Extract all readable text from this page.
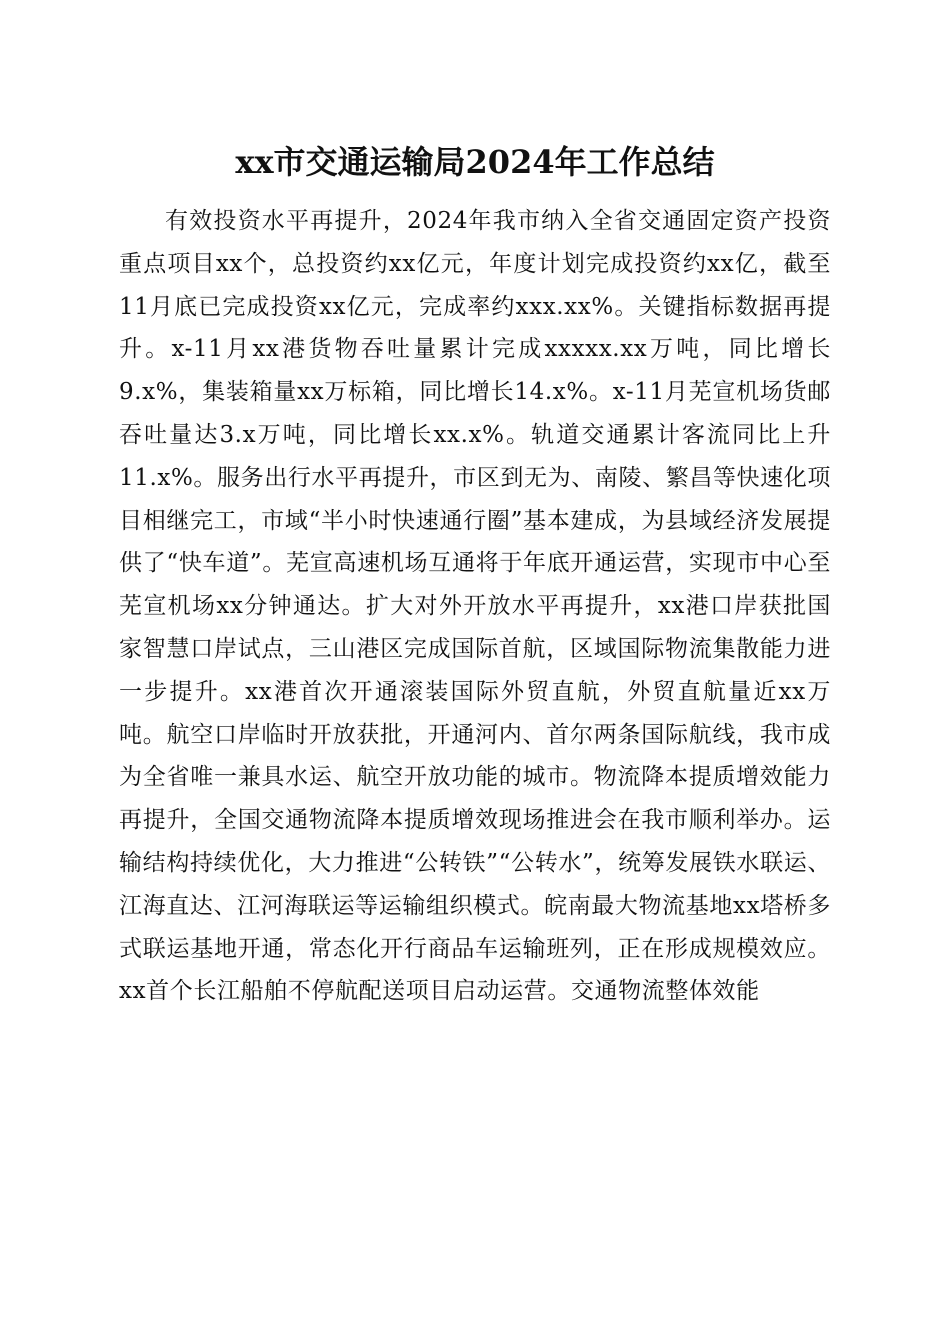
xx市交通运输局2024年工作总结

有效投资水平再提升，2024年我市纳入全省交通固定资产投资重点项目xx个，总投资约xx亿元，年度计划完成投资约xx亿，截至11月底已完成投资xx亿元，完成率约xxx.xx%。关键指标数据再提升。x-11月xx港货物吞吐量累计完成xxxxx.xx万吨，同比增长9.x%，集装箱量xx万标箱，同比增长14.x%。x-11月芜宣机场货邮吞吐量达3.x万吨，同比增长xx.x%。轨道交通累计客流同比上升11.x%。服务出行水平再提升，市区到无为、南陵、繁昌等快速化项目相继完工，市域“半小时快速通行圈”基本建成，为县域经济发展提供了“快车道”。芜宣高速机场互通将于年底开通运营，实现市中心至芜宣机场xx分钟通达。扩大对外开放水平再提升，xx港口岸获批国家智慧口岸试点，三山港区完成国际首航，区域国际物流集散能力进一步提升。xx港首次开通滚装国际外贸直航，外贸直航量近xx万吨。航空口岸临时开放获批，开通河内、首尔两条国际航线，我市成为全省唯一兼具水运、航空开放功能的城市。物流降本提质增效能力再提升，全国交通物流降本提质增效现场推进会在我市顺利举办。运输结构持续优化，大力推进“公转铁”“公转水”，统筹发展铁水联运、江海直达、江河海联运等运输组织模式。皖南最大物流基地xx塔桥多式联运基地开通，常态化开行商品车运输班列，正在形成规模效应。xx首个长江船舶不停航配送项目启动运营。交通物流整体效能
